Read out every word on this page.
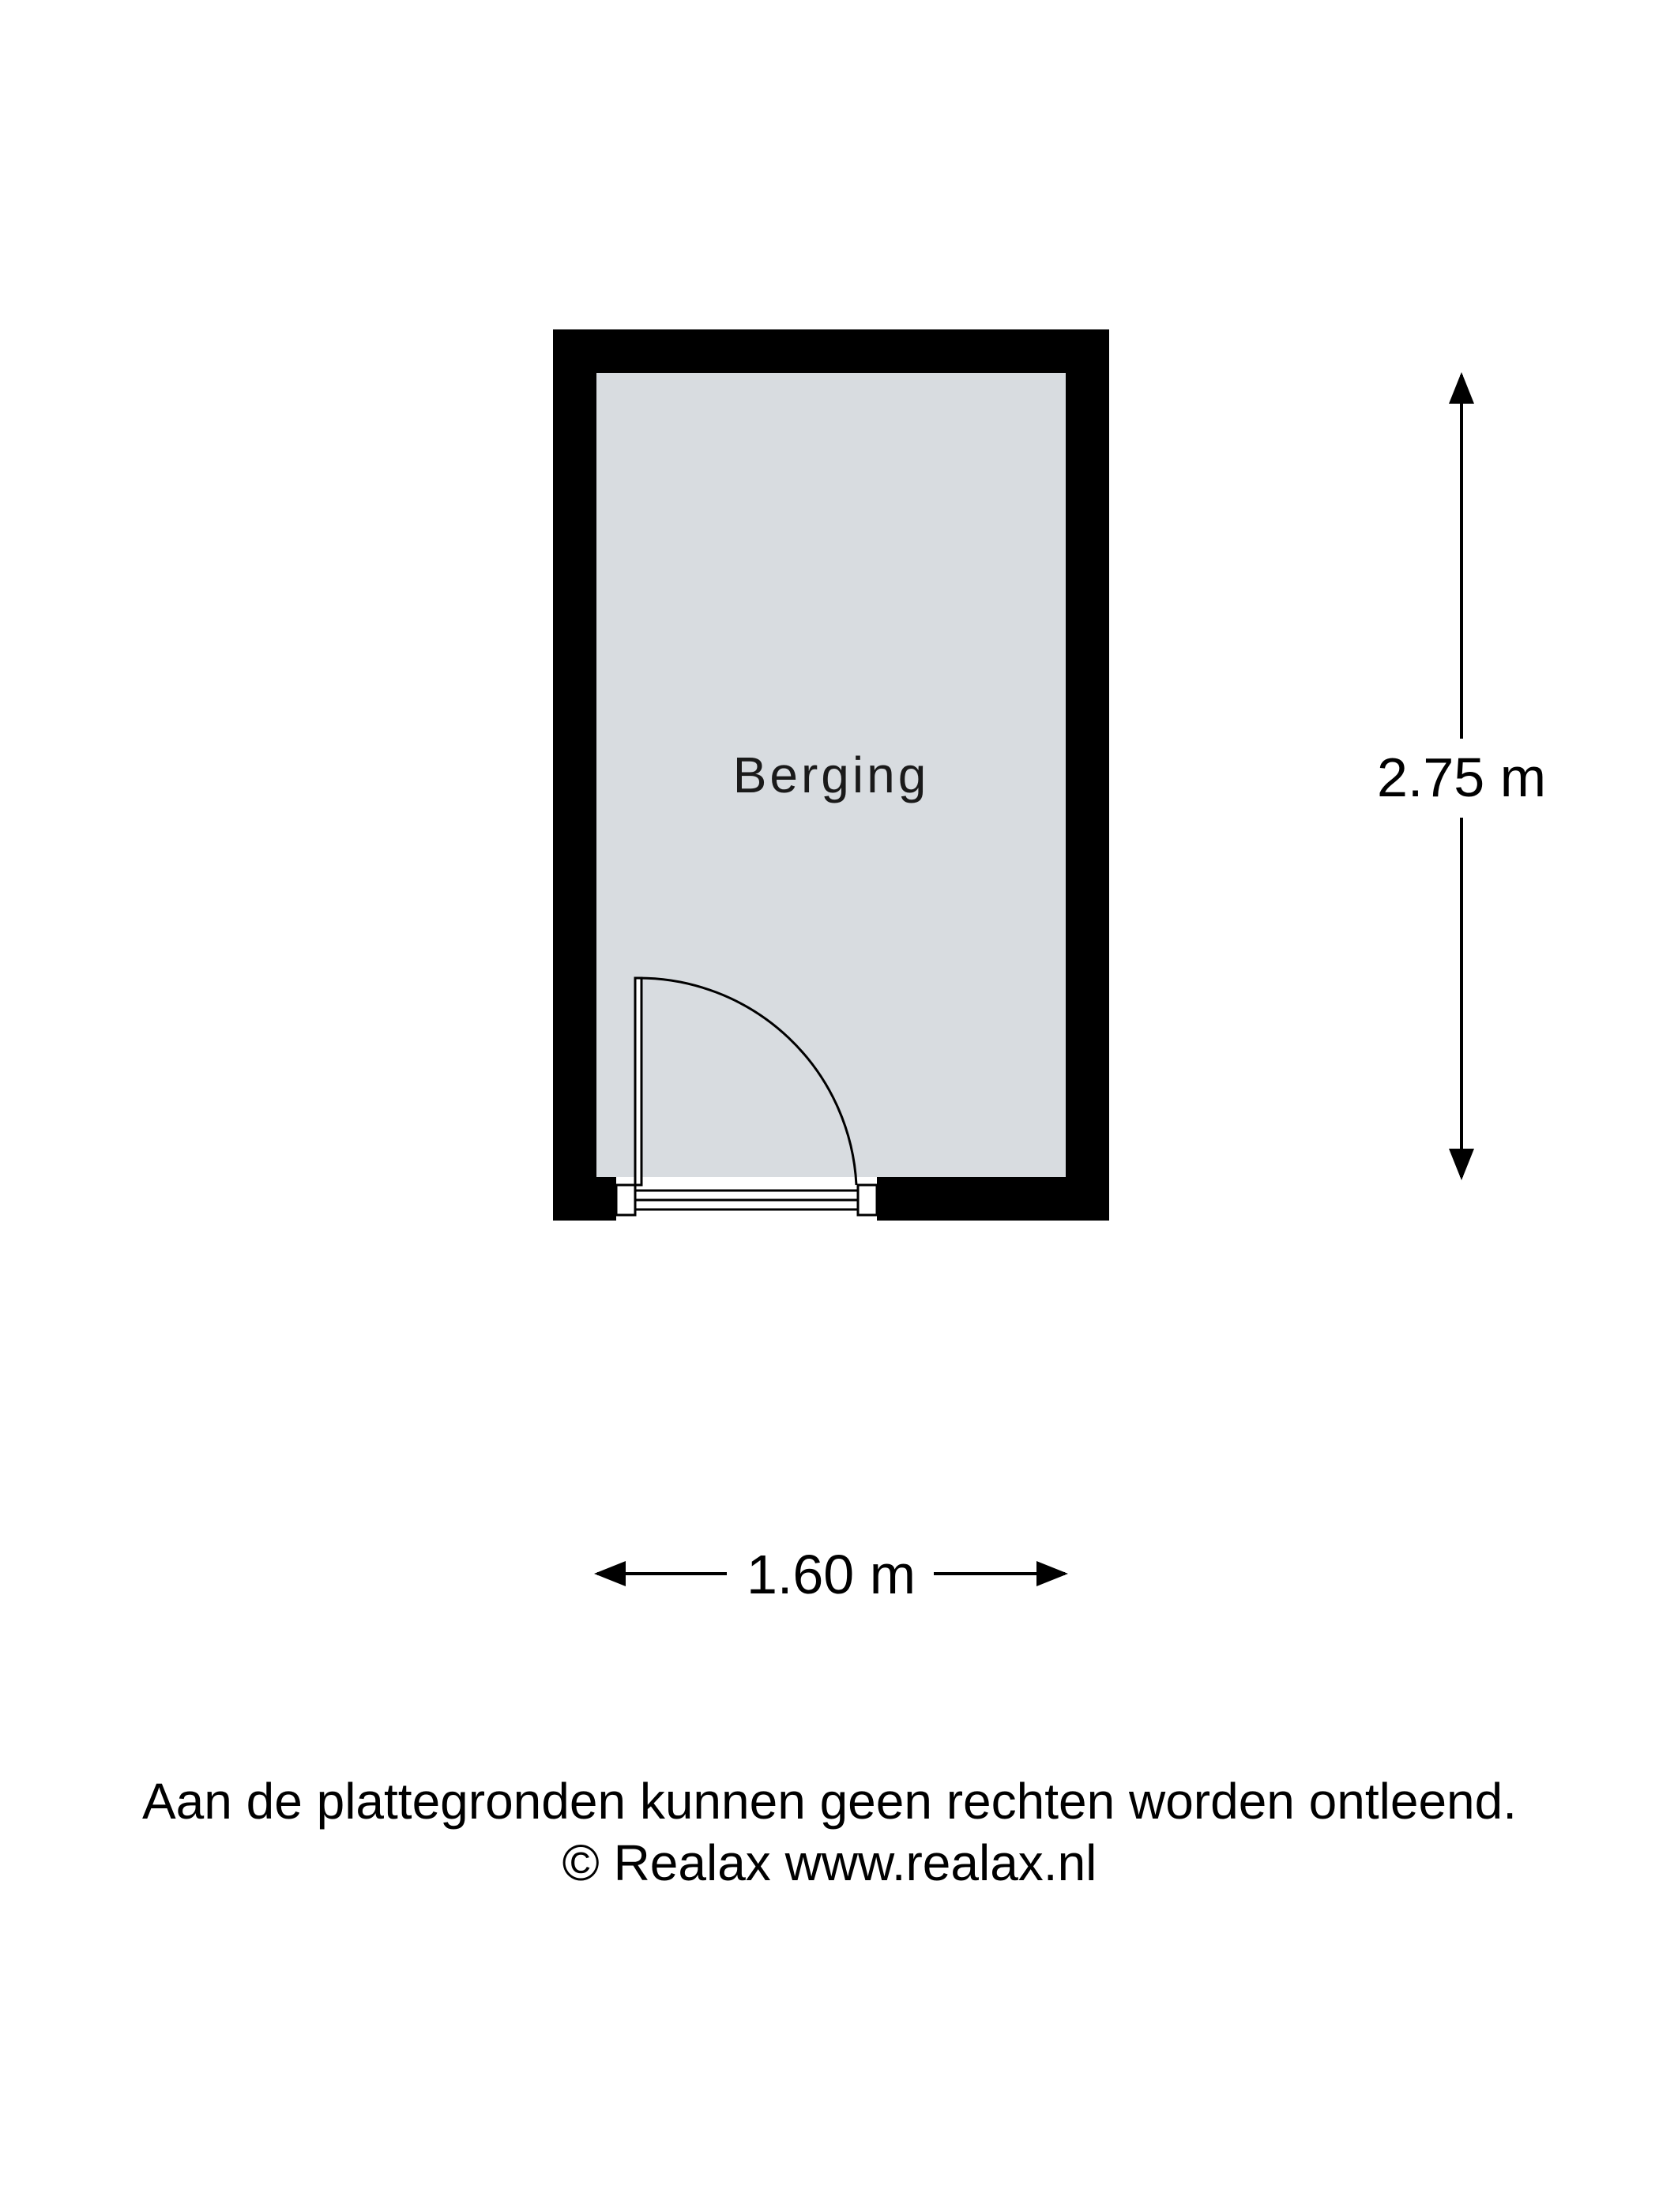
Berging	2.75 m
1.60 m
Aan de plattegronden kunnen geen rechten worden ontleend.
© Realax www.realax.nl
